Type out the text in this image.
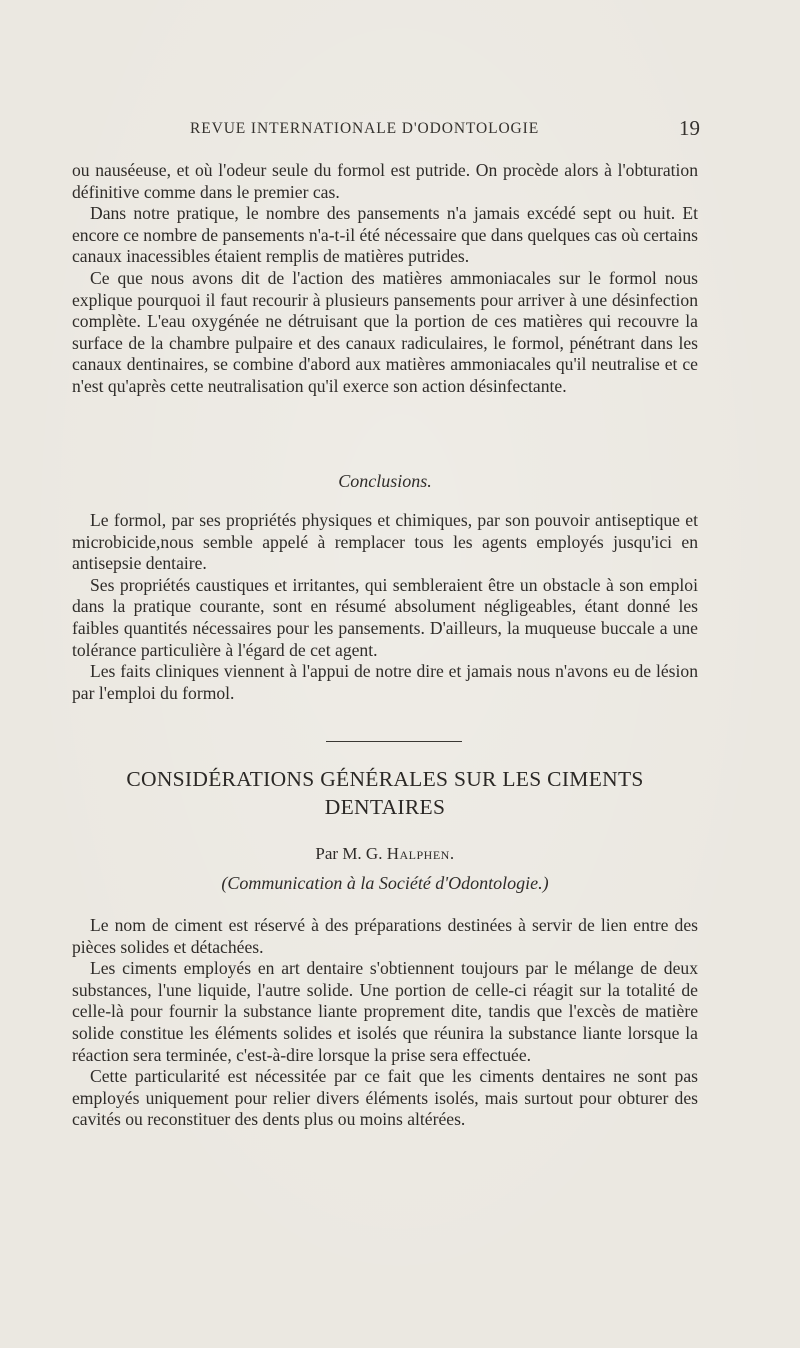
REVUE INTERNATIONALE D'ODONTOLOGIE	19

ou nauséeuse, et où l'odeur seule du formol est putride. On procède alors à l'obturation définitive comme dans le premier cas.

Dans notre pratique, le nombre des pansements n'a jamais excédé sept ou huit. Et encore ce nombre de pansements n'a-t-il été nécessaire que dans quelques cas où certains canaux inacessibles étaient remplis de matières putrides.

Ce que nous avons dit de l'action des matières ammoniacales sur le formol nous explique pourquoi il faut recourir à plusieurs pansements pour arriver à une désinfection complète. L'eau oxygénée ne détruisant que la portion de ces matières qui recouvre la surface de la chambre pulpaire et des canaux radiculaires, le formol, pénétrant dans les canaux dentinaires, se combine d'abord aux matières ammoniacales qu'il neutralise et ce n'est qu'après cette neutralisation qu'il exerce son action désinfectante.

Conclusions.

Le formol, par ses propriétés physiques et chimiques, par son pouvoir antiseptique et microbicide,nous semble appelé à remplacer tous les agents employés jusqu'ici en antisepsie dentaire.

Ses propriétés caustiques et irritantes, qui sembleraient être un obstacle à son emploi dans la pratique courante, sont en résumé absolument négligeables, étant donné les faibles quantités nécessaires pour les pansements. D'ailleurs, la muqueuse buccale a une tolérance particulière à l'égard de cet agent.

Les faits cliniques viennent à l'appui de notre dire et jamais nous n'avons eu de lésion par l'emploi du formol.

CONSIDÉRATIONS GÉNÉRALES SUR LES CIMENTS DENTAIRES
Par M. G. Halphen.
(Communication à la Société d'Odontologie.)

Le nom de ciment est réservé à des préparations destinées à servir de lien entre des pièces solides et détachées.

Les ciments employés en art dentaire s'obtiennent toujours par le mélange de deux substances, l'une liquide, l'autre solide. Une portion de celle-ci réagit sur la totalité de celle-là pour fournir la substance liante proprement dite, tandis que l'excès de matière solide constitue les éléments solides et isolés que réunira la substance liante lorsque la réaction sera terminée, c'est-à-dire lorsque la prise sera effectuée.

Cette particularité est nécessitée par ce fait que les ciments dentaires ne sont pas employés uniquement pour relier divers éléments isolés, mais surtout pour obturer des cavités ou reconstituer des dents plus ou moins altérées.
